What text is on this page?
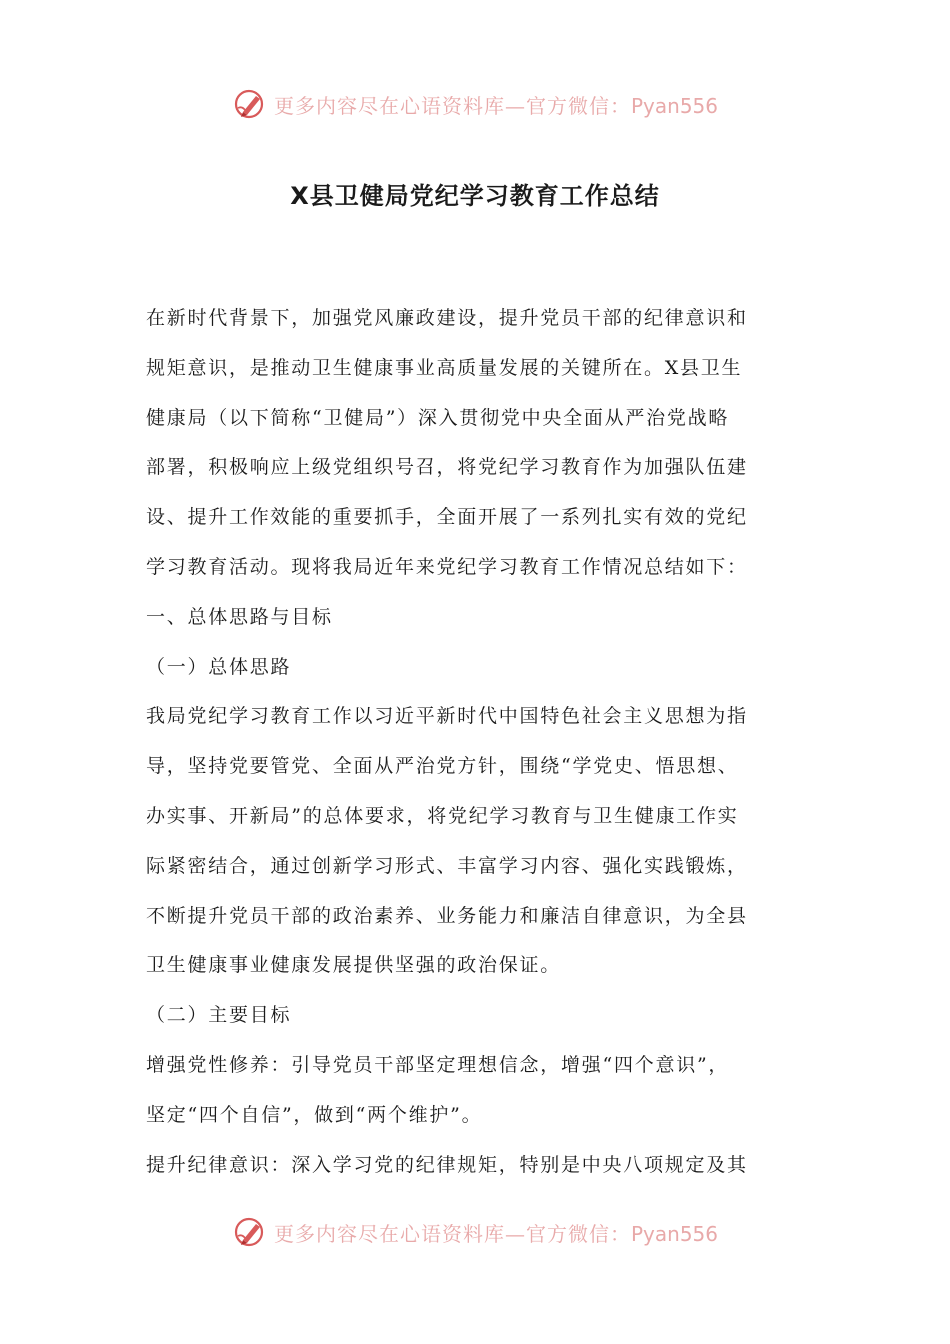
更多内容尽在心语资料库—官方微信：Pyan556
X县卫健局党纪学习教育工作总结
在新时代背景下，加强党风廉政建设，提升党员干部的纪律意识和
规矩意识，是推动卫生健康事业高质量发展的关键所在。X县卫生
健康局（以下简称“卫健局”）深入贯彻党中央全面从严治党战略
部署，积极响应上级党组织号召，将党纪学习教育作为加强队伍建
设、提升工作效能的重要抓手，全面开展了一系列扎实有效的党纪
学习教育活动。现将我局近年来党纪学习教育工作情况总结如下：
一、总体思路与目标
（一）总体思路
我局党纪学习教育工作以习近平新时代中国特色社会主义思想为指
导，坚持党要管党、全面从严治党方针，围绕“学党史、悟思想、
办实事、开新局”的总体要求，将党纪学习教育与卫生健康工作实
际紧密结合，通过创新学习形式、丰富学习内容、强化实践锻炼，
不断提升党员干部的政治素养、业务能力和廉洁自律意识，为全县
卫生健康事业健康发展提供坚强的政治保证。
（二）主要目标
增强党性修养：引导党员干部坚定理想信念，增强“四个意识”，
坚定“四个自信”，做到“两个维护”。
提升纪律意识：深入学习党的纪律规矩，特别是中央八项规定及其
更多内容尽在心语资料库—官方微信：Pyan556
